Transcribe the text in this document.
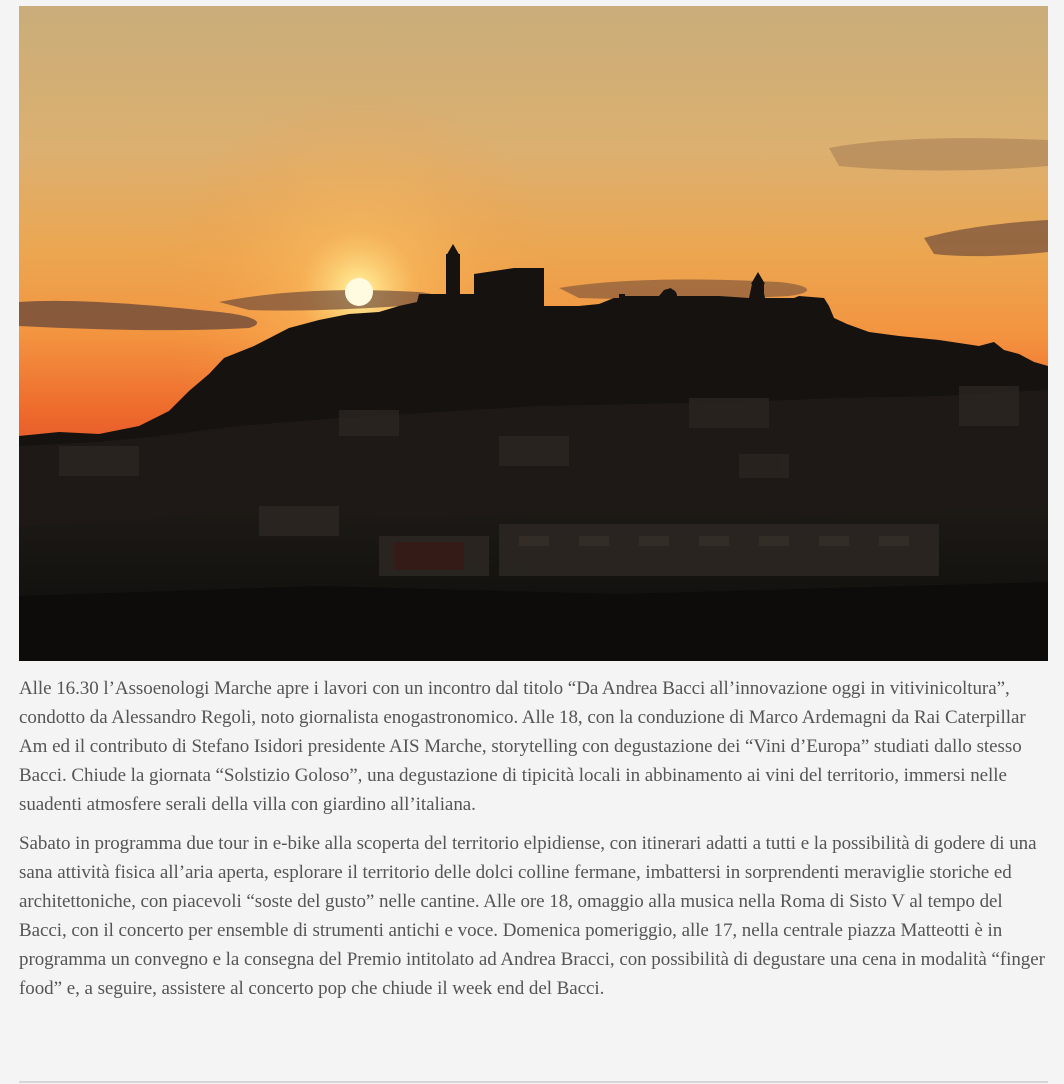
Alle 16.30 l’Assoenologi Marche apre i lavori con un incontro dal titolo “Da Andrea Bacci all’innovazione oggi in vitivinicoltura”, condotto da Alessandro Regoli, noto giornalista enogastronomico. Alle 18, con la conduzione di Marco Ardemagni da Rai Caterpillar Am ed il contributo di Stefano Isidori presidente AIS Marche, storytelling con degustazione dei “Vini d’Europa” studiati dallo stesso Bacci. Chiude la giornata “Solstizio Goloso”, una degustazione di tipicità locali in abbinamento ai vini del territorio, immersi nelle suadenti atmosfere serali della villa con giardino all’italiana.

Sabato in programma due tour in e-bike alla scoperta del territorio elpidiense, con itinerari adatti a tutti e la possibilità di godere di una sana attività fisica all’aria aperta, esplorare il territorio delle dolci colline fermane, imbattersi in sorprendenti meraviglie storiche ed architettoniche, con piacevoli “soste del gusto” nelle cantine. Alle ore 18, omaggio alla musica nella Roma di Sisto V al tempo del Bacci, con il concerto per ensemble di strumenti antichi e voce. Domenica pomeriggio, alle 17, nella centrale piazza Matteotti è in programma un convegno e la consegna del Premio intitolato ad Andrea Bracci, con possibilità di degustare una cena in modalità “finger food” e, a seguire, assistere al concerto pop che chiude il week end del Bacci.
